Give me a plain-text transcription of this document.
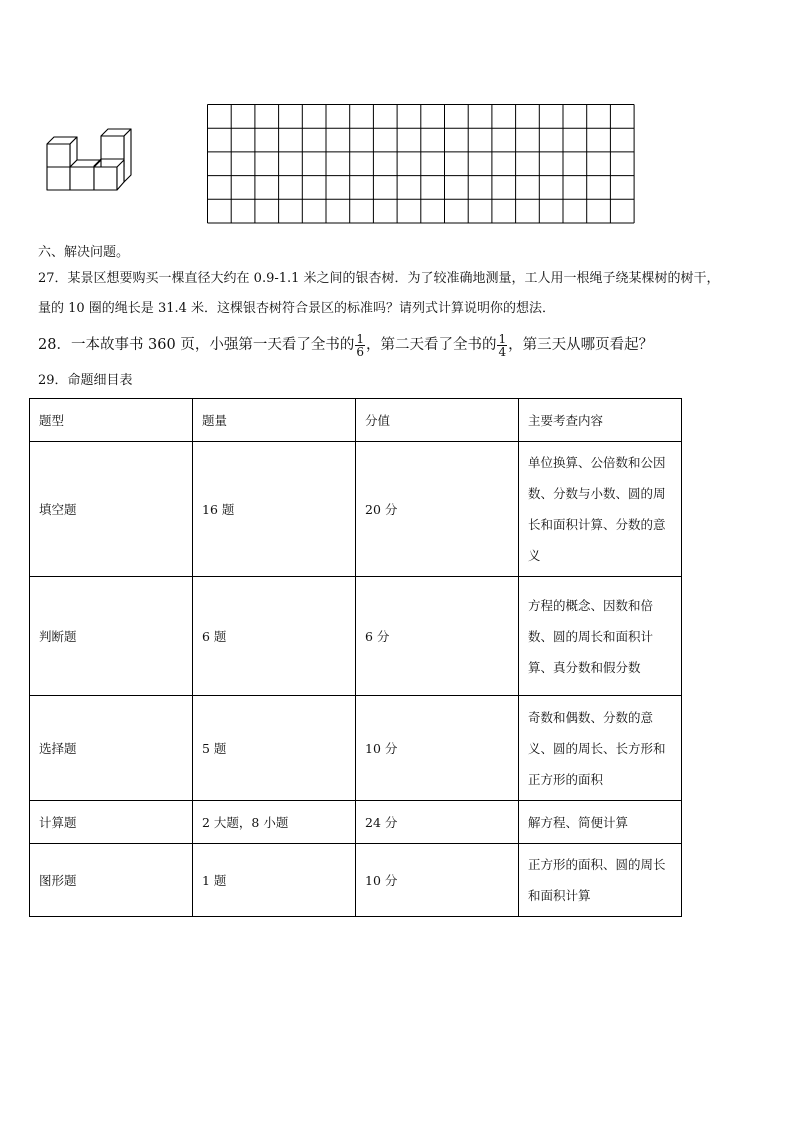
六、解决问题。
27．某景区想要购买一棵直径大约在 0.9-1.1 米之间的银杏树．为了较准确地测量，工人用一根绳子绕某棵树的树干，
量的 10 圈的绳长是 31.4 米．这棵银杏树符合景区的标准吗？请列式计算说明你的想法．
28．一本故事书 360 页，小强第一天看了全书的 $\frac{1}{6}$ ，第二天看了全书的 $\frac{1}{4}$ ，第三天从哪页看起？
29．命题细目表
题型	题量	分值	主要考查内容
填空题	16 题	20 分	单位换算、公倍数和公因数、分数与小数、圆的周长和面积计算、分数的意义
判断题	6 题	6 分	方程的概念、因数和倍数、圆的周长和面积计算、真分数和假分数
选择题	5 题	10 分	奇数和偶数、分数的意义、圆的周长、长方形和正方形的面积
计算题	2 大题，8 小题	24 分	解方程、简便计算
图形题	1 题	10 分	正方形的面积、圆的周长和面积计算
